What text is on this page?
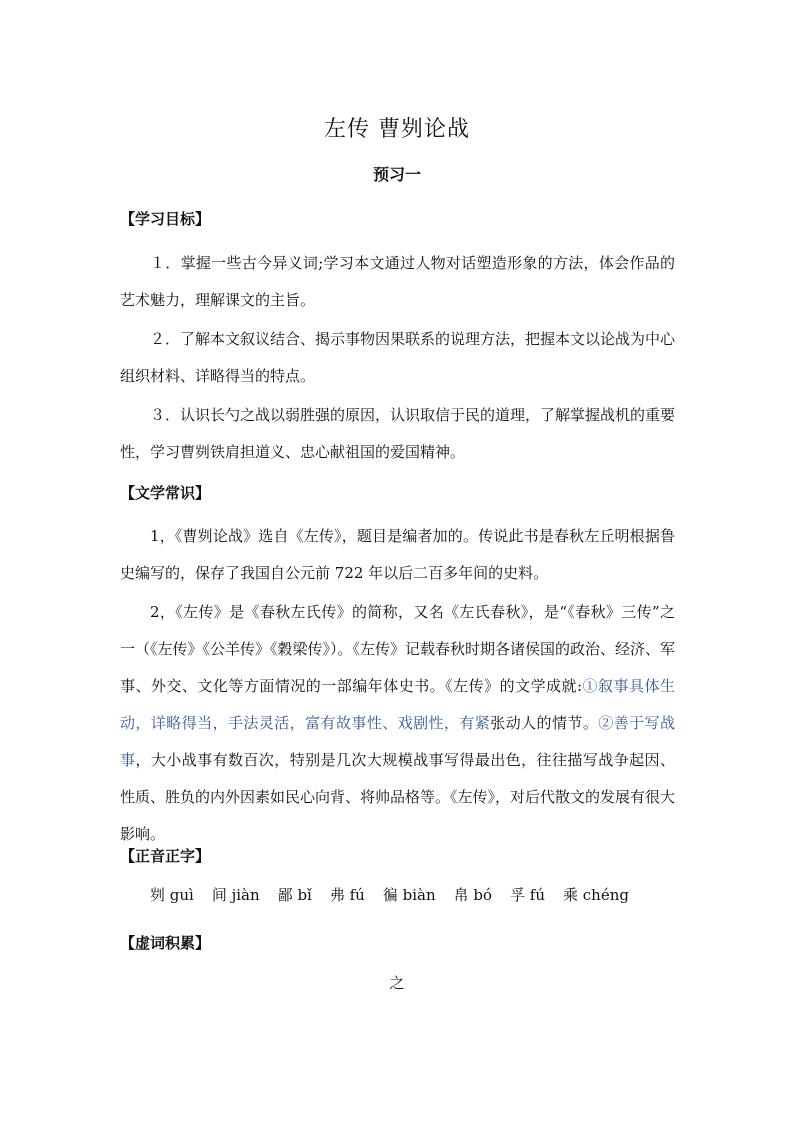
左传 曹刿论战
预习一
【学习目标】
１．掌握一些古今异义词;学习本文通过人物对话塑造形象的方法，体会作品的艺术魅力，理解课文的主旨。
２．了解本文叙议结合、揭示事物因果联系的说理方法，把握本文以论战为中心组织材料、详略得当的特点。
３．认识长勺之战以弱胜强的原因，认识取信于民的道理，了解掌握战机的重要性，学习曹刿铁肩担道义、忠心献祖国的爱国精神。
【文学常识】
1，《曹刿论战》选自《左传》，题目是编者加的。传说此书是春秋左丘明根据鲁史编写的，保存了我国自公元前 722 年以后二百多年间的史料。
2，《左传》是《春秋左氏传》的简称，又名《左氏春秋》，是“《春秋》三传”之一（《左传》《公羊传》《穀梁传》）。《左传》记载春秋时期各诸侯国的政治、经济、军事、外交、文化等方面情况的一部编年体史书。《左传》的文学成就:①叙事具体生动，详略得当，手法灵活，富有故事性、戏剧性，有紧张动人的情节。②善于写战事，大小战事有数百次，特别是几次大规模战事写得最出色，往往描写战争起因、性质、胜负的内外因素如民心向背、将帅品格等。《左传》，对后代散文的发展有很大影响。
【正音正字】
刿 guì 间 jiàn 鄙 bǐ 弗 fú 徧 biàn 帛 bó 孚 fú 乘 chéng
【虚词积累】
之
